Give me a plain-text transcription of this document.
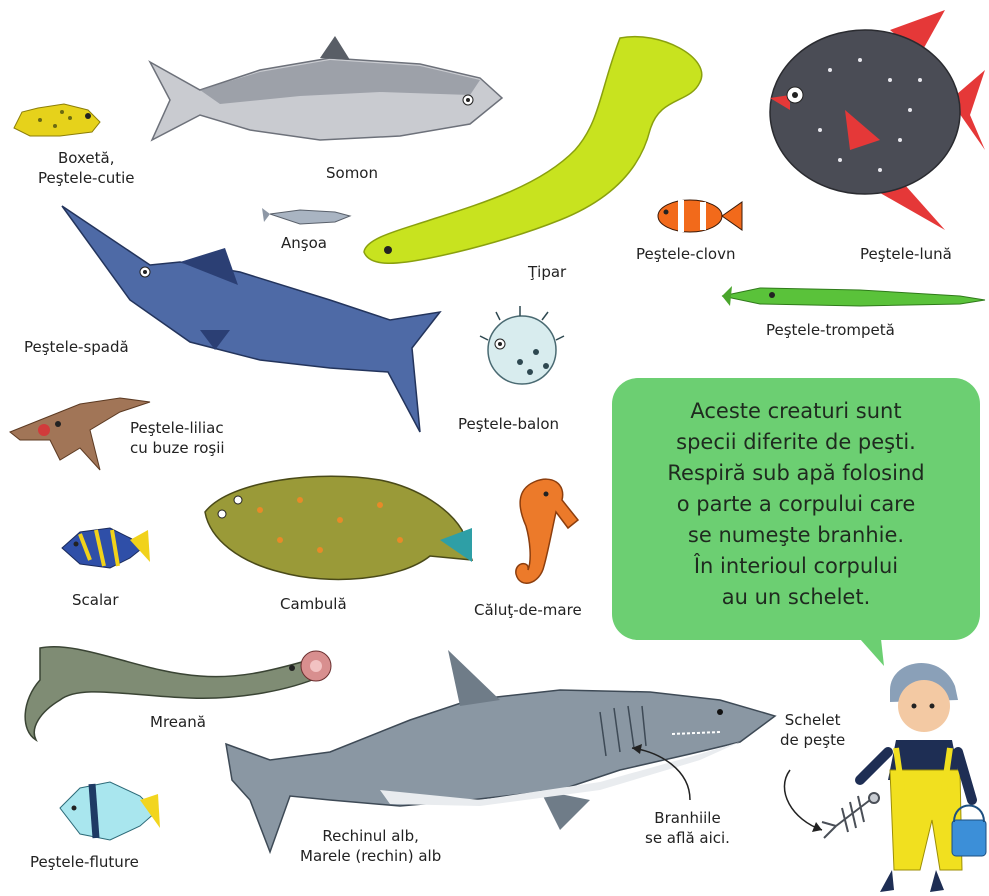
Boxetă,
Peştele-cutie	Somon
Anşoa
Ţipar
Peştele-clovn	Peştele-lună
Peştele-trompetă
Peştele-spadă
Peştele-liliac
cu buze roşii
Peştele-balon
Scalar	Cambulă	Căluţ-de-mare
Mreană
Rechinul alb,
Marele (rechin) alb
Branhiile
se află aici.
Schelet
de peşte
Peştele-fluture
Aceste creaturi sunt
specii diferite de peşti.
Respiră sub apă folosind
o parte a corpului care
se numeşte branhie.
În interioul corpului
au un schelet.
